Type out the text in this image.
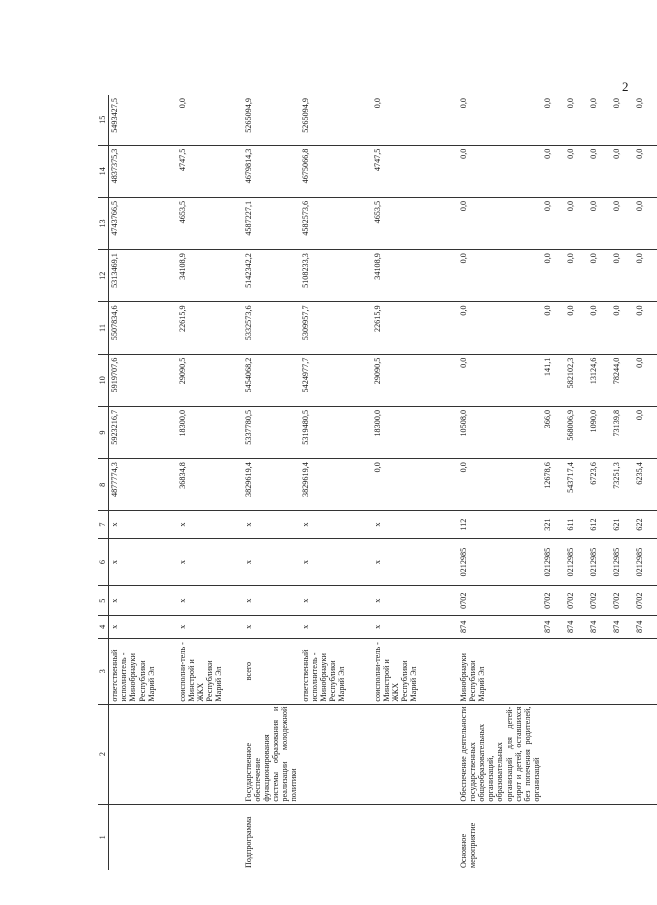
2
1	2	3	4	5	6	7	8	9	10	11	12	13	14	15
		ответственный исполнитель - Минобрнауки Республики Марий Эл	х	х	х	х	4877774,3	5923216,7	5919707,6	5507834,6	5313469,1	4743766,5	4837375,3	5493427,5
		соисполни-тель - Минстрой и ЖКХ Республики Марий Эл	х	х	х	х	36834,8	18300,0	29090,5	22615,9	34108,9	4653,5	4747,5	0,0
Подпрограмма	Государственное обеспечение функционирования системы образования и реализации молодежной политики	всего	х	х	х	х	3829619,4	5337780,5	5454068,2	5332573,6	5142342,2	4587227,1	4679814,3	5265094,9
		ответственный исполнитель - Минобрнауки Республики Марий Эл	х	х	х	х	3829619,4	5319480,5	5424977,7	5309957,7	5108233,3	4582573,6	4675066,8	5265094,9
		соисполни-тель - Минстрой и ЖКХ Республики Марий Эл	х	х	х	х	0,0	18300,0	29090,5	22615,9	34108,9	4653,5	4747,5	0,0
Основное мероприятие	Обеспечение деятельности государственных общеобразовательных организаций, образовательных организаций для детей-сирот и детей, оставшихся без попечения родителей, организаций	Минобрнауки Республики Марий Эл	874	0702	0212985	112	0,0	10508,0	0,0	0,0	0,0	0,0	0,0	0,0
			874	0702	0212985	321	12678,6	366,0	141,1	0,0	0,0	0,0	0,0	0,0
			874	0702	0212985	611	543717,4	568006,9	582102,3	0,0	0,0	0,0	0,0	0,0
			874	0702	0212985	612	6723,6	1090,0	13124,6	0,0	0,0	0,0	0,0	0,0
			874	0702	0212985	621	73251,3	73139,8	78244,0	0,0	0,0	0,0	0,0	0,0
			874	0702	0212985	622	6235,4	0,0	0,0	0,0	0,0	0,0	0,0	0,0
